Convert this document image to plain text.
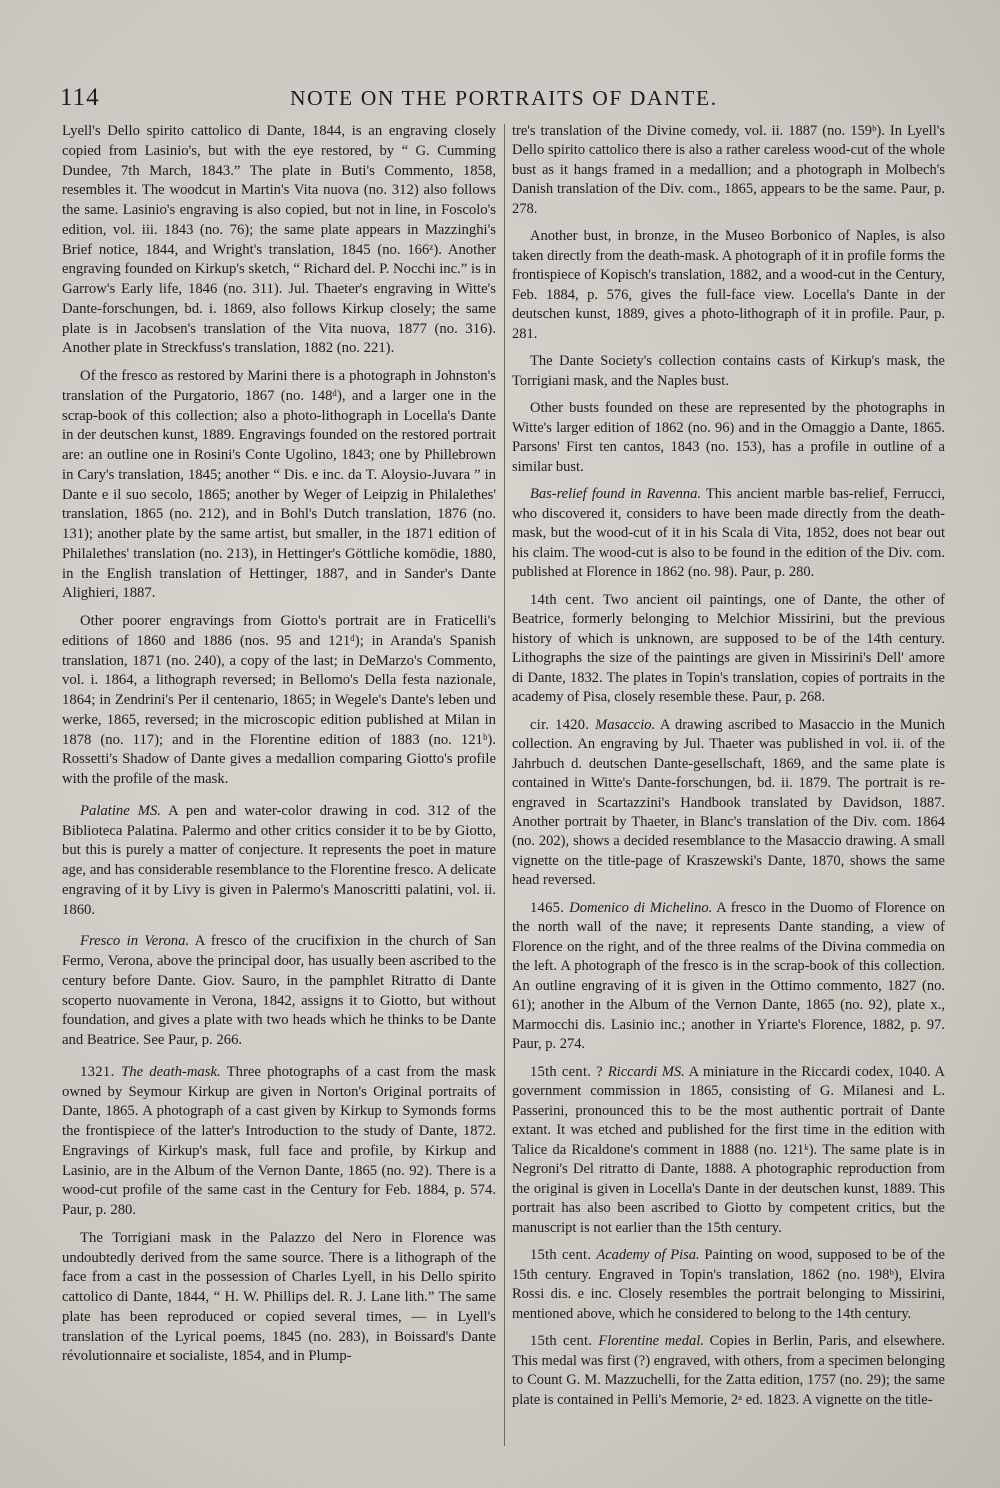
114	NOTE ON THE PORTRAITS OF DANTE.

Lyell's Dello spirito cattolico di Dante, 1844, is an engraving closely copied from Lasinio's, but with the eye restored, by “ G. Cumming Dundee, 7th March, 1843.” The plate in Buti's Commento, 1858, resembles it. The woodcut in Martin's Vita nuova (no. 312) also follows the same. Lasinio's engraving is also copied, but not in line, in Foscolo's edition, vol. iii. 1843 (no. 76); the same plate appears in Mazzinghi's Brief notice, 1844, and Wright's translation, 1845 (no. 166ᶻ). Another engraving founded on Kirkup's sketch, “ Richard del. P. Nocchi inc.” is in Garrow's Early life, 1846 (no. 311). Jul. Thaeter's engraving in Witte's Dante-forschungen, bd. i. 1869, also follows Kirkup closely; the same plate is in Jacobsen's translation of the Vita nuova, 1877 (no. 316). Another plate in Streckfuss's translation, 1882 (no. 221).

Of the fresco as restored by Marini there is a photograph in Johnston's translation of the Purgatorio, 1867 (no. 148ᵈ), and a larger one in the scrap-book of this collection; also a photo-lithograph in Locella's Dante in der deutschen kunst, 1889. Engravings founded on the restored portrait are: an outline one in Rosini's Conte Ugolino, 1843; one by Phillebrown in Cary's translation, 1845; another “ Dis. e inc. da T. Aloysio-Juvara ” in Dante e il suo secolo, 1865; another by Weger of Leipzig in Philalethes' translation, 1865 (no. 212), and in Bohl's Dutch translation, 1876 (no. 131); another plate by the same artist, but smaller, in the 1871 edition of Philalethes' translation (no. 213), in Hettinger's Göttliche komödie, 1880, in the English translation of Hettinger, 1887, and in Sander's Dante Alighieri, 1887.

Other poorer engravings from Giotto's portrait are in Fraticelli's editions of 1860 and 1886 (nos. 95 and 121ᵈ); in Aranda's Spanish translation, 1871 (no. 240), a copy of the last; in DeMarzo's Commento, vol. i. 1864, a lithograph reversed; in Bellomo's Della festa nazionale, 1864; in Zendrini's Per il centenario, 1865; in Wegele's Dante's leben und werke, 1865, reversed; in the microscopic edition published at Milan in 1878 (no. 117); and in the Florentine edition of 1883 (no. 121ᵇ). Rossetti's Shadow of Dante gives a medallion comparing Giotto's profile with the profile of the mask.

Palatine MS. A pen and water-color drawing in cod. 312 of the Biblioteca Palatina. Palermo and other critics consider it to be by Giotto, but this is purely a matter of conjecture. It represents the poet in mature age, and has considerable resemblance to the Florentine fresco. A delicate engraving of it by Livy is given in Palermo's Manoscritti palatini, vol. ii. 1860.

Fresco in Verona. A fresco of the crucifixion in the church of San Fermo, Verona, above the principal door, has usually been ascribed to the century before Dante. Giov. Sauro, in the pamphlet Ritratto di Dante scoperto nuovamente in Verona, 1842, assigns it to Giotto, but without foundation, and gives a plate with two heads which he thinks to be Dante and Beatrice. See Paur, p. 266.

1321. The death-mask. Three photographs of a cast from the mask owned by Seymour Kirkup are given in Norton's Original portraits of Dante, 1865. A photograph of a cast given by Kirkup to Symonds forms the frontispiece of the latter's Introduction to the study of Dante, 1872. Engravings of Kirkup's mask, full face and profile, by Kirkup and Lasinio, are in the Album of the Vernon Dante, 1865 (no. 92). There is a wood-cut profile of the same cast in the Century for Feb. 1884, p. 574. Paur, p. 280.

The Torrigiani mask in the Palazzo del Nero in Florence was undoubtedly derived from the same source. There is a lithograph of the face from a cast in the possession of Charles Lyell, in his Dello spirito cattolico di Dante, 1844, “ H. W. Phillips del. R. J. Lane lith.” The same plate has been reproduced or copied several times, — in Lyell's translation of the Lyrical poems, 1845 (no. 283), in Boissard's Dante révolutionnaire et socialiste, 1854, and in Plump-

tre's translation of the Divine comedy, vol. ii. 1887 (no. 159ᵇ). In Lyell's Dello spirito cattolico there is also a rather careless wood-cut of the whole bust as it hangs framed in a medallion; and a photograph in Molbech's Danish translation of the Div. com., 1865, appears to be the same. Paur, p. 278.

Another bust, in bronze, in the Museo Borbonico of Naples, is also taken directly from the death-mask. A photograph of it in profile forms the frontispiece of Kopisch's translation, 1882, and a wood-cut in the Century, Feb. 1884, p. 576, gives the full-face view. Locella's Dante in der deutschen kunst, 1889, gives a photo-lithograph of it in profile. Paur, p. 281.

The Dante Society's collection contains casts of Kirkup's mask, the Torrigiani mask, and the Naples bust.

Other busts founded on these are represented by the photographs in Witte's larger edition of 1862 (no. 96) and in the Omaggio a Dante, 1865. Parsons' First ten cantos, 1843 (no. 153), has a profile in outline of a similar bust.

Bas-relief found in Ravenna. This ancient marble bas-relief, Ferrucci, who discovered it, considers to have been made directly from the death-mask, but the wood-cut of it in his Scala di Vita, 1852, does not bear out his claim. The wood-cut is also to be found in the edition of the Div. com. published at Florence in 1862 (no. 98). Paur, p. 280.

14th cent. Two ancient oil paintings, one of Dante, the other of Beatrice, formerly belonging to Melchior Missirini, but the previous history of which is unknown, are supposed to be of the 14th century. Lithographs the size of the paintings are given in Missirini's Dell' amore di Dante, 1832. The plates in Topin's translation, copies of portraits in the academy of Pisa, closely resemble these. Paur, p. 268.

cir. 1420. Masaccio. A drawing ascribed to Masaccio in the Munich collection. An engraving by Jul. Thaeter was published in vol. ii. of the Jahrbuch d. deutschen Dante-gesellschaft, 1869, and the same plate is contained in Witte's Dante-forschungen, bd. ii. 1879. The portrait is re-engraved in Scartazzini's Handbook translated by Davidson, 1887. Another portrait by Thaeter, in Blanc's translation of the Div. com. 1864 (no. 202), shows a decided resemblance to the Masaccio drawing. A small vignette on the title-page of Kraszewski's Dante, 1870, shows the same head reversed.

1465. Domenico di Michelino. A fresco in the Duomo of Florence on the north wall of the nave; it represents Dante standing, a view of Florence on the right, and of the three realms of the Divina commedia on the left. A photograph of the fresco is in the scrap-book of this collection. An outline engraving of it is given in the Ottimo commento, 1827 (no. 61); another in the Album of the Vernon Dante, 1865 (no. 92), plate x., Marmocchi dis. Lasinio inc.; another in Yriarte's Florence, 1882, p. 97. Paur, p. 274.

15th cent. ? Riccardi MS. A miniature in the Riccardi codex, 1040. A government commission in 1865, consisting of G. Milanesi and L. Passerini, pronounced this to be the most authentic portrait of Dante extant. It was etched and published for the first time in the edition with Talice da Ricaldone's comment in 1888 (no. 121ᵏ). The same plate is in Negroni's Del ritratto di Dante, 1888. A photographic reproduction from the original is given in Locella's Dante in der deutschen kunst, 1889. This portrait has also been ascribed to Giotto by competent critics, but the manuscript is not earlier than the 15th century.

15th cent. Academy of Pisa. Painting on wood, supposed to be of the 15th century. Engraved in Topin's translation, 1862 (no. 198ᵇ), Elvira Rossi dis. e inc. Closely resembles the portrait belonging to Missirini, mentioned above, which he considered to belong to the 14th century.

15th cent. Florentine medal. Copies in Berlin, Paris, and elsewhere. This medal was first (?) engraved, with others, from a specimen belonging to Count G. M. Mazzuchelli, for the Zatta edition, 1757 (no. 29); the same plate is contained in Pelli's Memorie, 2ᵃ ed. 1823. A vignette on the title-
